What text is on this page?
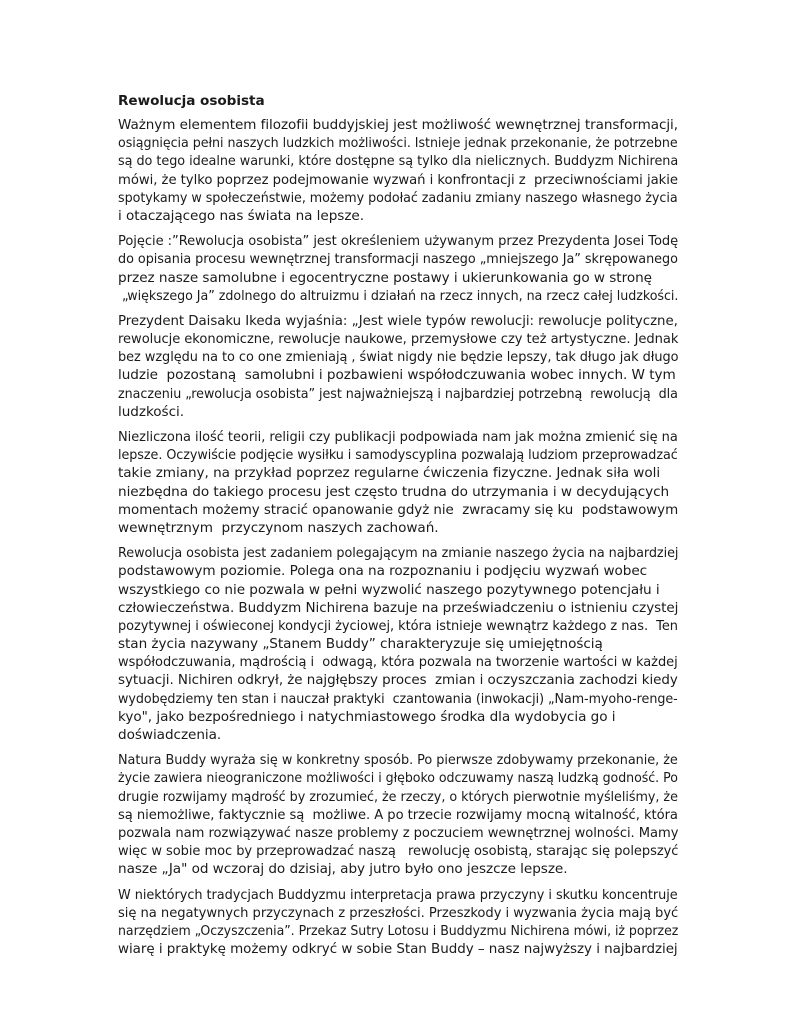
Rewolucja osobista
Ważnym elementem filozofii buddyjskiej jest możliwość wewnętrznej transformacji,
osiągnięcia pełni naszych ludzkich możliwości. Istnieje jednak przekonanie, że potrzebne
są do tego idealne warunki, które dostępne są tylko dla nielicznych. Buddyzm Nichirena
mówi, że tylko poprzez podejmowanie wyzwań i konfrontacji z  przeciwnościami jakie
spotykamy w społeczeństwie, możemy podołać zadaniu zmiany naszego własnego życia
i otaczającego nas świata na lepsze.
Pojęcie :”Rewolucja osobista” jest określeniem używanym przez Prezydenta Josei Todę
do opisania procesu wewnętrznej transformacji naszego „mniejszego Ja” skrępowanego
przez nasze samolubne i egocentryczne postawy i ukierunkowania go w stronę
„większego Ja” zdolnego do altruizmu i działań na rzecz innych, na rzecz całej ludzkości.
Prezydent Daisaku Ikeda wyjaśnia: „Jest wiele typów rewolucji: rewolucje polityczne,
rewolucje ekonomiczne, rewolucje naukowe, przemysłowe czy też artystyczne. Jednak
bez względu na to co one zmieniają , świat nigdy nie będzie lepszy, tak długo jak długo
ludzie  pozostaną  samolubni i pozbawieni współodczuwania wobec innych. W tym
znaczeniu „rewolucja osobista” jest najważniejszą i najbardziej potrzebną  rewolucją  dla
ludzkości.
Niezliczona ilość teorii, religii czy publikacji podpowiada nam jak można zmienić się na
lepsze. Oczywiście podjęcie wysiłku i samodyscyplina pozwalają ludziom przeprowadzać
takie zmiany, na przykład poprzez regularne ćwiczenia fizyczne. Jednak siła woli
niezbędna do takiego procesu jest często trudna do utrzymania i w decydujących
momentach możemy stracić opanowanie gdyż nie  zwracamy się ku  podstawowym
wewnętrznym  przyczynom naszych zachowań.
Rewolucja osobista jest zadaniem polegającym na zmianie naszego życia na najbardziej
podstawowym poziomie. Polega ona na rozpoznaniu i podjęciu wyzwań wobec
wszystkiego co nie pozwala w pełni wyzwolić naszego pozytywnego potencjału i
człowieczeństwa. Buddyzm Nichirena bazuje na przeświadczeniu o istnieniu czystej
pozytywnej i oświeconej kondycji życiowej, która istnieje wewnątrz każdego z nas.  Ten
stan życia nazywany „Stanem Buddy” charakteryzuje się umiejętnością
współodczuwania, mądrością i  odwagą, która pozwala na tworzenie wartości w każdej
sytuacji. Nichiren odkrył, że najgłębszy proces  zmian i oczyszczania zachodzi kiedy
wydobędziemy ten stan i nauczał praktyki  czantowania (inwokacji) „Nam-myoho-renge-
kyo", jako bezpośredniego i natychmiastowego środka dla wydobycia go i
doświadczenia.
Natura Buddy wyraża się w konkretny sposób. Po pierwsze zdobywamy przekonanie, że
życie zawiera nieograniczone możliwości i głęboko odczuwamy naszą ludzką godność. Po
drugie rozwijamy mądrość by zrozumieć, że rzeczy, o których pierwotnie myśleliśmy, że
są niemożliwe, faktycznie są  możliwe. A po trzecie rozwijamy mocną witalność, która
pozwala nam rozwiązywać nasze problemy z poczuciem wewnętrznej wolności. Mamy
więc w sobie moc by przeprowadzać naszą   rewolucję osobistą, starając się polepszyć
nasze „Ja" od wczoraj do dzisiaj, aby jutro było ono jeszcze lepsze.
W niektórych tradycjach Buddyzmu interpretacja prawa przyczyny i skutku koncentruje
się na negatywnych przyczynach z przeszłości. Przeszkody i wyzwania życia mają być
narzędziem „Oczyszczenia”. Przekaz Sutry Lotosu i Buddyzmu Nichirena mówi, iż poprzez
wiarę i praktykę możemy odkryć w sobie Stan Buddy – nasz najwyższy i najbardziej
